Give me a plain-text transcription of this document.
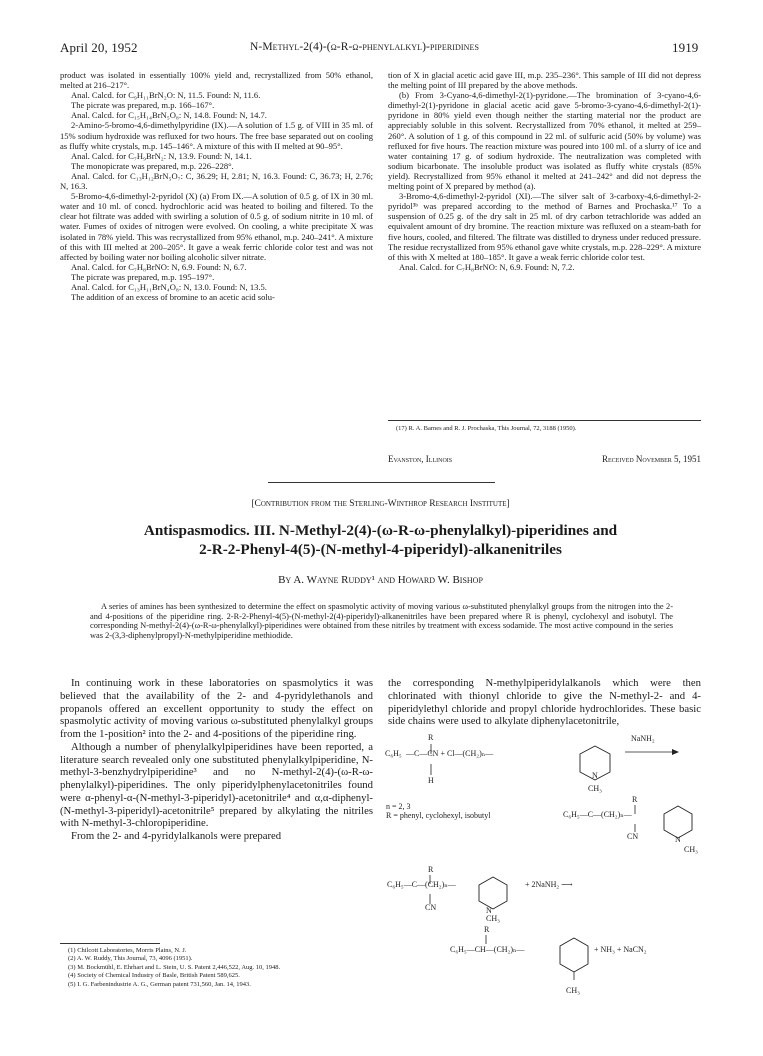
April 20, 1952	N-Methyl-2(4)-(ω-R-ω-phenylalkyl)-piperidines	1919

product was isolated in essentially 100% yield and, recrystallized from 50% ethanol, melted at 216–217°.

Anal. Calcd. for C₉H₁₁BrN₂O: N, 11.5. Found: N, 11.6.

The picrate was prepared, m.p. 166–167°.

Anal. Calcd. for C₁₅H₁₄BrN₅O₈: N, 14.8. Found: N, 14.7.

2-Amino-5-bromo-4,6-dimethylpyridine (IX).—A solution of 1.5 g. of VIII in 35 ml. of 15% sodium hydroxide was refluxed for two hours. The free base separated out on cooling as fluffy white crystals, m.p. 145–146°. A mixture of this with II melted at 90–95°.

Anal. Calcd. for C₇H₉BrN₂: N, 13.9. Found: N, 14.1.

The monopicrate was prepared, m.p. 226–228°.

Anal. Calcd. for C₁₃H₁₂BrN₅O₇: C, 36.29; H, 2.81; N, 16.3. Found: C, 36.73; H, 2.76; N, 16.3.

5-Bromo-4,6-dimethyl-2-pyridol (X) (a) From IX.—A solution of 0.5 g. of IX in 30 ml. water and 10 ml. of concd. hydrochloric acid was heated to boiling and filtered. To the clear hot filtrate was added with swirling a solution of 0.5 g. of sodium nitrite in 10 ml. of water. Fumes of oxides of nitrogen were evolved. On cooling, a white precipitate X was isolated in 78% yield. This was recrystallized from 95% ethanol, m.p. 240–241°. A mixture of this with III melted at 200–205°. It gave a weak ferric chloride color test and was not affected by boiling water nor boiling alcoholic silver nitrate.

Anal. Calcd. for C₇H₈BrNO: N, 6.9. Found: N, 6.7.

The picrate was prepared, m.p. 195–197°.

Anal. Calcd. for C₁₃H₁₁BrN₄O₈: N, 13.0. Found: N, 13.5.

The addition of an excess of bromine to an acetic acid solu-

tion of X in glacial acetic acid gave III, m.p. 235–236°. This sample of III did not depress the melting point of III prepared by the above methods.

(b) From 3-Cyano-4,6-dimethyl-2(1)-pyridone.—The bromination of 3-cyano-4,6-dimethyl-2(1)-pyridone in glacial acetic acid gave 5-bromo-3-cyano-4,6-dimethyl-2(1)-pyridone in 80% yield even though neither the starting material nor the product are appreciably soluble in this solvent. Recrystallized from 70% ethanol, it melted at 259–260°. A solution of 1 g. of this compound in 22 ml. of sulfuric acid (50% by volume) was refluxed for five hours. The reaction mixture was poured into 100 ml. of a slurry of ice and water containing 17 g. of sodium hydroxide. The neutralization was completed with sodium bicarbonate. The insoluble product was isolated as fluffy white crystals (85% yield). Recrystallized from 95% ethanol it melted at 241–242° and did not depress the melting point of X prepared by method (a).

3-Bromo-4,6-dimethyl-2-pyridol (XI).—The silver salt of 3-carboxy-4,6-dimethyl-2-pyridol³ᵇ was prepared according to the method of Barnes and Prochaska.¹⁷ To a suspension of 0.25 g. of the dry salt in 25 ml. of dry carbon tetrachloride was added an equivalent amount of dry bromine. The reaction mixture was refluxed on a steam-bath for five hours, cooled, and filtered. The filtrate was distilled to dryness under reduced pressure. The residue recrystallized from 95% ethanol gave white crystals, m.p. 228–229°. A mixture of this with X melted at 180–185°. It gave a weak ferric chloride color test.

Anal. Calcd. for C₇H₈BrNO: N, 6.9. Found: N, 7.2.

(17) R. A. Barnes and R. J. Prochaska, This Journal, 72, 3188 (1950).

Evanston, Illinois	Received November 5, 1951
[Contribution from the Sterling-Winthrop Research Institute]
Antispasmodics. III. N-Methyl-2(4)-(ω-R-ω-phenylalkyl)-piperidines and
2-R-2-Phenyl-4(5)-(N-methyl-4-piperidyl)-alkanenitriles
By A. Wayne Ruddy¹ and Howard W. Bishop

A series of amines has been synthesized to determine the effect on spasmolytic activity of moving various ω-substituted phenylalkyl groups from the nitrogen into the 2- and 4-positions of the piperidine ring. 2-R-2-Phenyl-4(5)-(N-methyl-2(4)-piperidyl)-alkanenitriles have been prepared where R is phenyl, cyclohexyl and isobutyl. The corresponding N-methyl-2(4)-(ω-R-ω-phenylalkyl)-piperidines were obtained from these nitriles by treatment with excess sodamide. The most active compound in the series was 2-(3,3-diphenylpropyl)-N-methylpiperidine methiodide.

In continuing work in these laboratories on spasmolytics it was believed that the availability of the 2- and 4-pyridylethanols and propanols offered an excellent opportunity to study the effect on spasmolytic activity of moving various ω-substituted phenylalkyl groups from the 1-position² into the 2- and 4-positions of the piperidine ring.

Although a number of phenylalkylpiperidines have been reported, a literature search revealed only one substituted phenylalkylpiperidine, N-methyl-3-benzhydrylpiperidine³ and no N-methyl-2(4)-(ω-R-ω-phenylalkyl)-piperidines. The only piperidylphenylacetonitriles found were α-phenyl-α-(N-methyl-3-piperidyl)-acetonitrile⁴ and α,α-diphenyl-(N-methyl-3-piperidyl)-acetonitrile⁵ prepared by alkylating the nitriles with N-methyl-3-chloropiperidine.

From the 2- and 4-pyridylalkanols were prepared

(1) Chilcott Laboratories, Morris Plains, N. J.

(2) A. W. Ruddy, This Journal, 73, 4096 (1951).

(3) M. Bockmühl, E. Ehrhart and L. Stein, U. S. Patent 2,446,522, Aug. 10, 1948.

(4) Society of Chemical Industry of Basle, British Patent 589,625.

(5) I. G. Farbenindustrie A. G., German patent 731,560, Jan. 14, 1943.

the corresponding N-methylpiperidylalkanols which were then chlorinated with thionyl chloride to give the N-methyl-2- and 4-piperidylethyl chloride and propyl chloride hydrochlorides. These basic side chains were used to alkylate diphenylacetonitrile,

R
C₆H₅ —C—CN + Cl—(CH₂)ₙ—
H
NaNH₂
N
CH₃
n = 2, 3
R = phenyl, cyclohexyl, isobutyl
R
C₆H₅—C—(CH₂)ₙ—
CN	N
CH₃
R
C₆H₅—C—(CH₂)ₙ—	+ 2NaNH₂ ⟶
CN	N
CH₃
R
C₆H₅—CH—(CH₂)ₙ—	+ NH₃ + NaCN₂
CH₃
